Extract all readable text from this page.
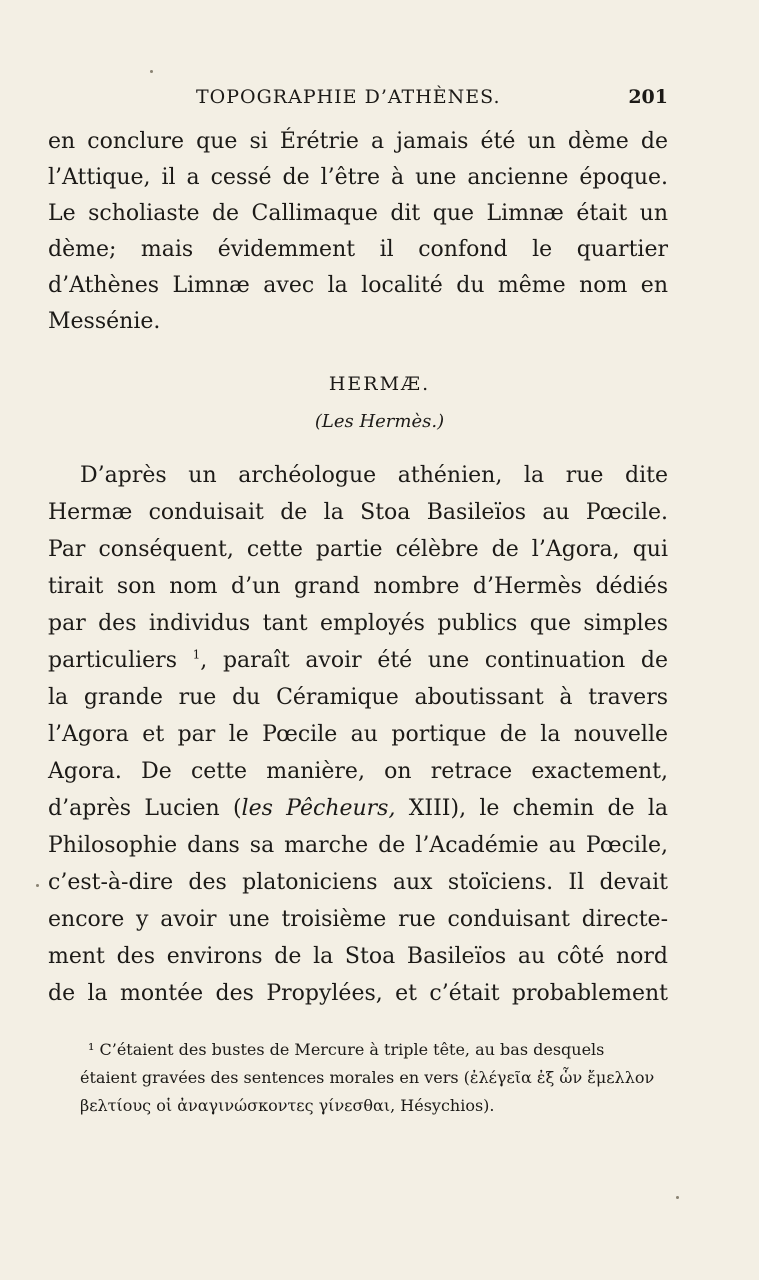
TOPOGRAPHIE D’ATHÈNES.	201
en conclure que si Érétrie a jamais été un dème de
l’Attique, il a cessé de l’être à une ancienne époque.
Le scholiaste de Callimaque dit que Limnæ était un
dème; mais évidemment il confond le quartier
d’Athènes Limnæ avec la localité du même nom en
Messénie.
HERMÆ.
(Les Hermès.)
D’après un archéologue athénien, la rue dite
Hermæ conduisait de la Stoa Basileïos au Pœcile.
Par conséquent, cette partie célèbre de l’Agora, qui
tirait son nom d’un grand nombre d’Hermès dédiés
par des individus tant employés publics que simples
particuliers $^1$, paraît avoir été une continuation de
la grande rue du Céramique aboutissant à travers
l’Agora et par le Pœcile au portique de la nouvelle
Agora. De cette manière, on retrace exactement,
d’après Lucien (les Pêcheurs, XIII), le chemin de la
Philosophie dans sa marche de l’Académie au Pœcile,
c’est-à-dire des platoniciens aux stoïciens. Il devait
encore y avoir une troisième rue conduisant directe-
ment des environs de la Stoa Basileïos au côté nord
de la montée des Propylées, et c’était probablement
¹ C’étaient des bustes de Mercure à triple tête, au bas desquels
étaient gravées des sentences morales en vers (ἐλέγεῖα ἐξ ὧν ἔμελλον
βελτίους οἱ ἀναγινώσκοντες γίνεσθαι, Hésychios).
